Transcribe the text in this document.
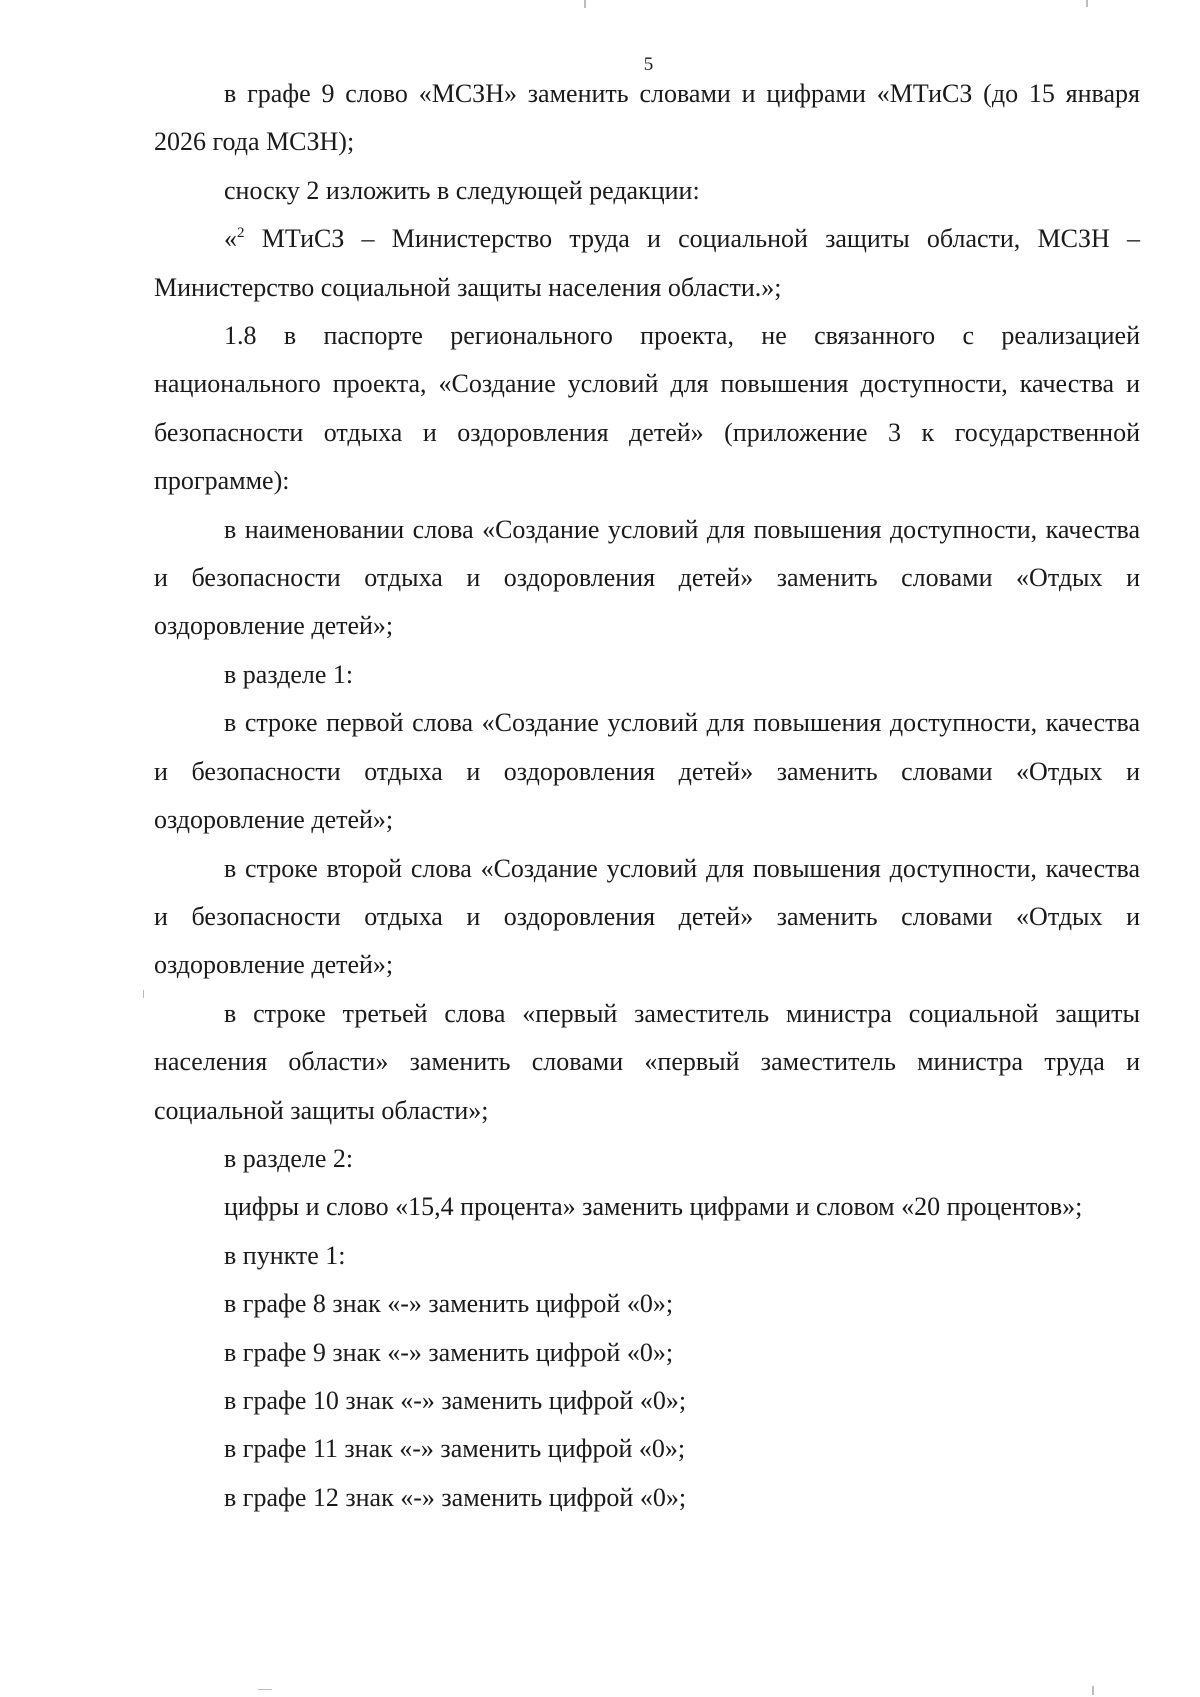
5

в графе 9 слово «МСЗН» заменить словами и цифрами «МТиСЗ (до 15 января 2026 года МСЗН);

сноску 2 изложить в следующей редакции:

«$^2$ МТиСЗ – Министерство труда и социальной защиты области, МСЗН – Министерство социальной защиты населения области.»;

1.8 в паспорте регионального проекта, не связанного с реализацией национального проекта, «Создание условий для повышения доступности, качества и безопасности отдыха и оздоровления детей» (приложение 3 к государственной программе):

в наименовании слова «Создание условий для повышения доступности, качества и безопасности отдыха и оздоровления детей» заменить словами «Отдых и оздоровление детей»;

в разделе 1:

в строке первой слова «Создание условий для повышения доступности, качества и безопасности отдыха и оздоровления детей» заменить словами «Отдых и оздоровление детей»;

в строке второй слова «Создание условий для повышения доступности, качества и безопасности отдыха и оздоровления детей» заменить словами «Отдых и оздоровление детей»;

в строке третьей слова «первый заместитель министра социальной защиты населения области» заменить словами «первый заместитель министра труда и социальной защиты области»;

в разделе 2:

цифры и слово «15,4 процента» заменить цифрами и словом «20 процентов»;

в пункте 1:

в графе 8 знак «-» заменить цифрой «0»;

в графе 9 знак «-» заменить цифрой «0»;

в графе 10 знак «-» заменить цифрой «0»;

в графе 11 знак «-» заменить цифрой «0»;

в графе 12 знак «-» заменить цифрой «0»;
